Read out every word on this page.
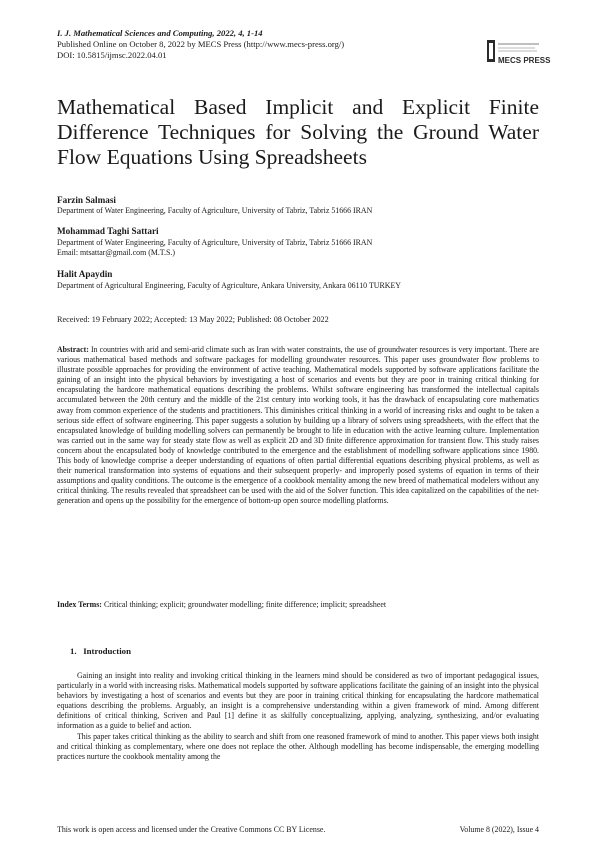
I. J. Mathematical Sciences and Computing, 2022, 4, 1-14
Published Online on October 8, 2022 by MECS Press (http://www.mecs-press.org/)
DOI: 10.5815/ijmsc.2022.04.01
MECS PRESS
Mathematical Based Implicit and Explicit Finite Difference Techniques for Solving the Ground Water Flow Equations Using Spreadsheets
Farzin Salmasi
Department of Water Engineering, Faculty of Agriculture, University of Tabriz, Tabriz 51666 IRAN
Mohammad Taghi Sattari
Department of Water Engineering, Faculty of Agriculture, University of Tabriz, Tabriz 51666 IRAN
Email: mtsattar@gmail.com (M.T.S.)
Halit Apaydin
Department of Agricultural Engineering, Faculty of Agriculture, Ankara University, Ankara 06110 TURKEY
Received: 19 February 2022; Accepted: 13 May 2022; Published: 08 October 2022
Abstract: In countries with arid and semi-arid climate such as Iran with water constraints, the use of groundwater resources is very important. There are various mathematical based methods and software packages for modelling groundwater resources. This paper uses groundwater flow problems to illustrate possible approaches for providing the environment of active teaching. Mathematical models supported by software applications facilitate the gaining of an insight into the physical behaviors by investigating a host of scenarios and events but they are poor in training critical thinking for encapsulating the hardcore mathematical equations describing the problems. Whilst software engineering has transformed the intellectual capitals accumulated between the 20th century and the middle of the 21st century into working tools, it has the drawback of encapsulating core mathematics away from common experience of the students and practitioners. This diminishes critical thinking in a world of increasing risks and ought to be taken a serious side effect of software engineering. This paper suggests a solution by building up a library of solvers using spreadsheets, with the effect that the encapsulated knowledge of building modelling solvers can permanently be brought to life in education with the active learning culture. Implementation was carried out in the same way for steady state flow as well as explicit 2D and 3D finite difference approximation for transient flow. This study raises concern about the encapsulated body of knowledge contributed to the emergence and the establishment of modelling software applications since 1980. This body of knowledge comprise a deeper understanding of equations of often partial differential equations describing physical problems, as well as their numerical transformation into systems of equations and their subsequent properly- and improperly posed systems of equation in terms of their assumptions and quality conditions. The outcome is the emergence of a cookbook mentality among the new breed of mathematical modelers without any critical thinking. The results revealed that spreadsheet can be used with the aid of the Solver function. This idea capitalized on the capabilities of the net-generation and opens up the possibility for the emergence of bottom-up open source modelling platforms.
Index Terms: Critical thinking; explicit; groundwater modelling; finite difference; implicit; spreadsheet
1. Introduction

Gaining an insight into reality and invoking critical thinking in the learners mind should be considered as two of important pedagogical issues, particularly in a world with increasing risks. Mathematical models supported by software applications facilitate the gaining of an insight into the physical behaviors by investigating a host of scenarios and events but they are poor in training critical thinking for encapsulating the hardcore mathematical equations describing the problems. Arguably, an insight is a comprehensive understanding within a given framework of mind. Among different definitions of critical thinking, Scriven and Paul [1] define it as skilfully conceptualizing, applying, analyzing, synthesizing, and/or evaluating information as a guide to belief and action.

This paper takes critical thinking as the ability to search and shift from one reasoned framework of mind to another. This paper views both insight and critical thinking as complementary, where one does not replace the other. Although modelling has become indispensable, the emerging modelling practices nurture the cookbook mentality among the

This work is open access and licensed under the Creative Commons CC BY License.	Volume 8 (2022), Issue 4
